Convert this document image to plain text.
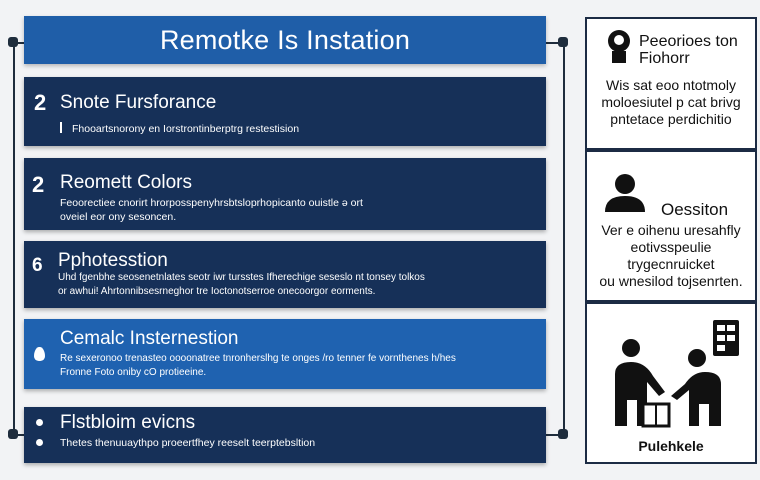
Remotke Is Instation
2 Snote Fursforance
Fhooartsnorony en Iorstrontinberptrg restestision
2 Reomett Colors
Feoorectiee cnorirt hrorposspenyhrsbtsloprhopicanto ouistle ə ort
oveiel eor ony sesoncen.
6 Pphotesstion
Uhd fgenbhe seosenetnlates seotr iwr tursstes Ifherechige seseslo nt tonsey tolkos
or awhui! Ahrtonnibsesrneghor tre Ioctonotserroe onecoorgor eorments.
Cemalc Insternestion
Re sexeronoo trenasteo oooonatree tnronherslhg te onges /ro tenner fe vornthenes h/hes
Fronne Foto oniby cO protieeine.
Flstbloim evicns
Thetes thenuuaythpo proeertfhey reeselt teerptebsltion
Peeorioes ton
Fiohorr
Wis sat eoo ntotmoly
moloesiutel p cat brivg
pntetace perdichitio
Oessiton
Ver e oihenu uresahfly
eotivsspeulie trygecnruicket
ou wnesilod tojsenrten.
Pulehkele
